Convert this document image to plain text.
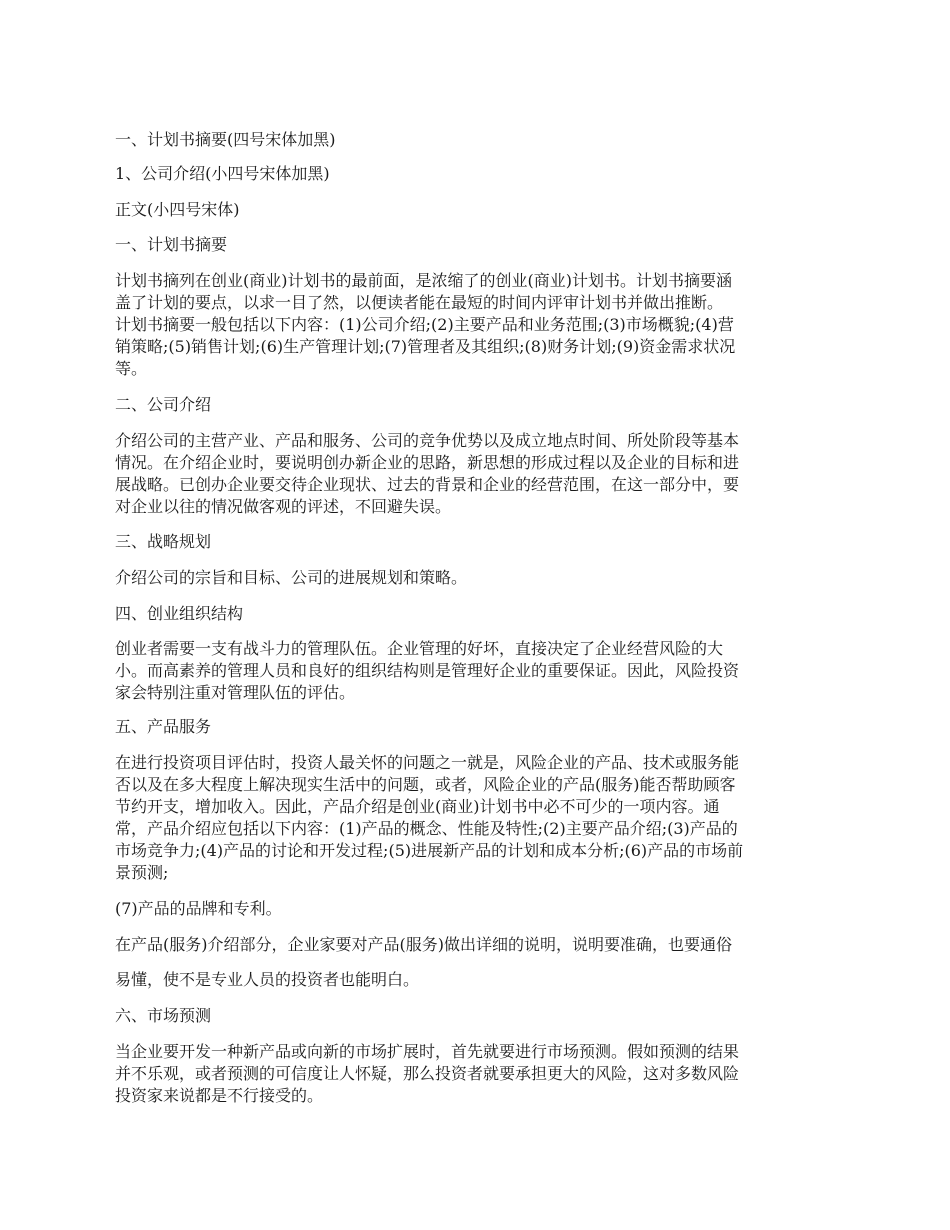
一、计划书摘要(四号宋体加黑)
1、公司介绍(小四号宋体加黑)
正文(小四号宋体)
一、计划书摘要
计划书摘列在创业(商业)计划书的最前面，是浓缩了的创业(商业)计划书。计划书摘要涵
盖了计划的要点，以求一目了然，以便读者能在最短的时间内评审计划书并做出推断。
计划书摘要一般包括以下内容：(1)公司介绍;(2)主要产品和业务范围;(3)市场概貌;(4)营
销策略;(5)销售计划;(6)生产管理计划;(7)管理者及其组织;(8)财务计划;(9)资金需求状况
等。
二、公司介绍
介绍公司的主营产业、产品和服务、公司的竞争优势以及成立地点时间、所处阶段等基本
情况。在介绍企业时，要说明创办新企业的思路，新思想的形成过程以及企业的目标和进
展战略。已创办企业要交待企业现状、过去的背景和企业的经营范围，在这一部分中，要
对企业以往的情况做客观的评述，不回避失误。
三、战略规划
介绍公司的宗旨和目标、公司的进展规划和策略。
四、创业组织结构
创业者需要一支有战斗力的管理队伍。企业管理的好坏，直接决定了企业经营风险的大
小。而高素养的管理人员和良好的组织结构则是管理好企业的重要保证。因此，风险投资
家会特别注重对管理队伍的评估。
五、产品服务
在进行投资项目评估时，投资人最关怀的问题之一就是，风险企业的产品、技术或服务能
否以及在多大程度上解决现实生活中的问题，或者，风险企业的产品(服务)能否帮助顾客
节约开支，增加收入。因此，产品介绍是创业(商业)计划书中必不可少的一项内容。通
常，产品介绍应包括以下内容：(1)产品的概念、性能及特性;(2)主要产品介绍;(3)产品的
市场竞争力;(4)产品的讨论和开发过程;(5)进展新产品的计划和成本分析;(6)产品的市场前
景预测;
(7)产品的品牌和专利。
在产品(服务)介绍部分，企业家要对产品(服务)做出详细的说明，说明要准确，也要通俗
易懂，使不是专业人员的投资者也能明白。
六、市场预测
当企业要开发一种新产品或向新的市场扩展时，首先就要进行市场预测。假如预测的结果
并不乐观，或者预测的可信度让人怀疑，那么投资者就要承担更大的风险，这对多数风险
投资家来说都是不行接受的。
